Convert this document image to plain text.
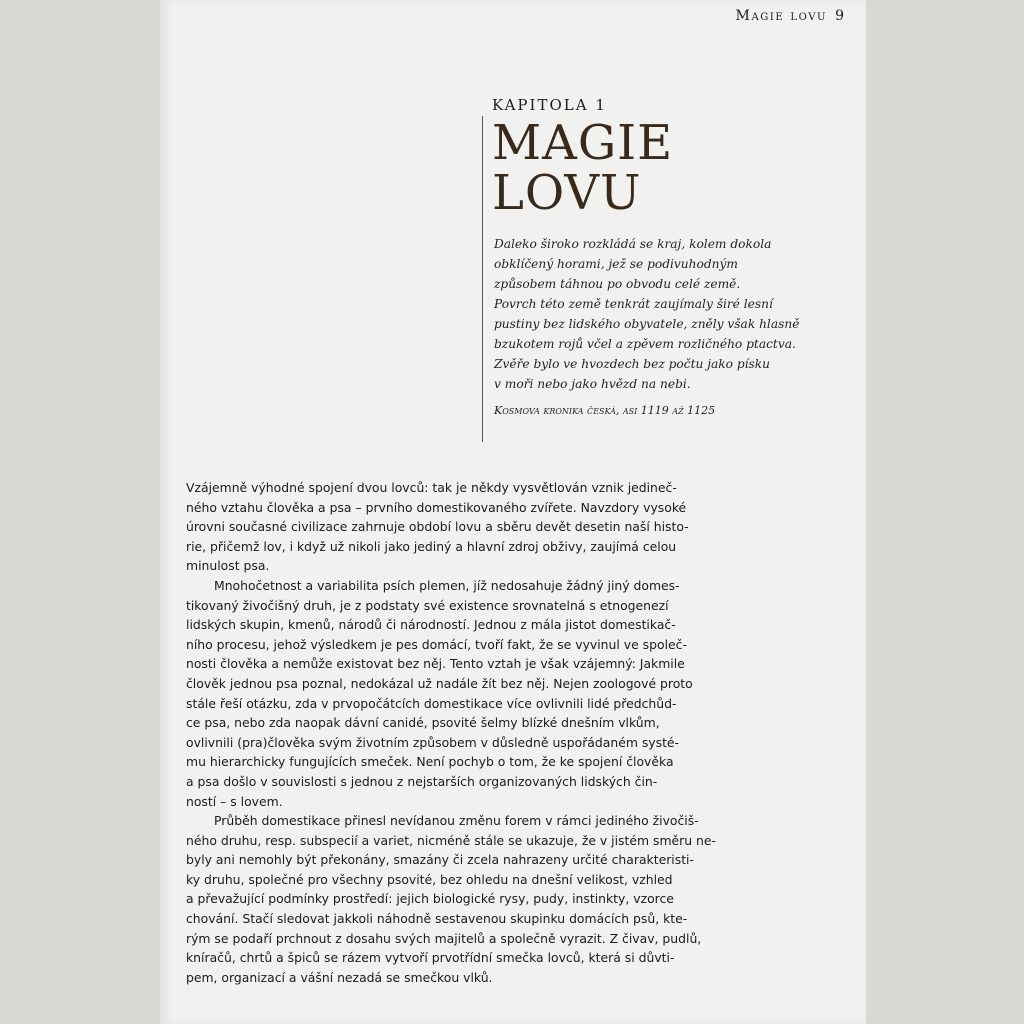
Magie lovu 9
KAPITOLA 1
MAGIE
LOVU
Daleko široko rozkládá se kraj, kolem dokola
obklíčený horami, jež se podivuhodným
způsobem táhnou po obvodu celé země.
Povrch této země tenkrát zaujímaly širé lesní
pustiny bez lidského obyvatele, zněly však hlasně
bzukotem rojů včel a zpěvem rozličného ptactva.
Zvěře bylo ve hvozdech bez počtu jako písku
v moři nebo jako hvězd na nebi.
Kosmova kronika česká, asi 1119 až 1125
Vzájemně výhodné spojení dvou lovců: tak je někdy vysvětlován vznik jedineč-
ného vztahu člověka a psa – prvního domestikovaného zvířete. Navzdory vysoké
úrovni současné civilizace zahrnuje období lovu a sběru devět desetin naší histo-
rie, přičemž lov, i když už nikoli jako jediný a hlavní zdroj obživy, zaujímá celou
minulost psa.
Mnohočetnost a variabilita psích plemen, jíž nedosahuje žádný jiný domes-
tikovaný živočišný druh, je z podstaty své existence srovnatelná s etnogenezí
lidských skupin, kmenů, národů či národností. Jednou z mála jistot domestikač-
ního procesu, jehož výsledkem je pes domácí, tvoří fakt, že se vyvinul ve společ-
nosti člověka a nemůže existovat bez něj. Tento vztah je však vzájemný: Jakmile
člověk jednou psa poznal, nedokázal už nadále žít bez něj. Nejen zoologové proto
stále řeší otázku, zda v prvopočátcích domestikace více ovlivnili lidé předchůd-
ce psa, nebo zda naopak dávní canidé, psovité šelmy blízké dnešním vlkům,
ovlivnili (pra)člověka svým životním způsobem v důsledně uspořádaném systé-
mu hierarchicky fungujících smeček. Není pochyb o tom, že ke spojení člověka
a psa došlo v souvislosti s jednou z nejstarších organizovaných lidských čin-
ností – s lovem.
Průběh domestikace přinesl nevídanou změnu forem v rámci jediného živočiš-
ného druhu, resp. subspecií a variet, nicméně stále se ukazuje, že v jistém směru ne-
byly ani nemohly být překonány, smazány či zcela nahrazeny určité charakteristi-
ky druhu, společné pro všechny psovité, bez ohledu na dnešní velikost, vzhled
a převažující podmínky prostředí: jejich biologické rysy, pudy, instinkty, vzorce
chování. Stačí sledovat jakkoli náhodně sestavenou skupinku domácích psů, kte-
rým se podaří prchnout z dosahu svých majitelů a společně vyrazit. Z čivav, pudlů,
kníračů, chrtů a špiců se rázem vytvoří prvotřídní smečka lovců, která si důvti-
pem, organizací a vášní nezadá se smečkou vlků.
